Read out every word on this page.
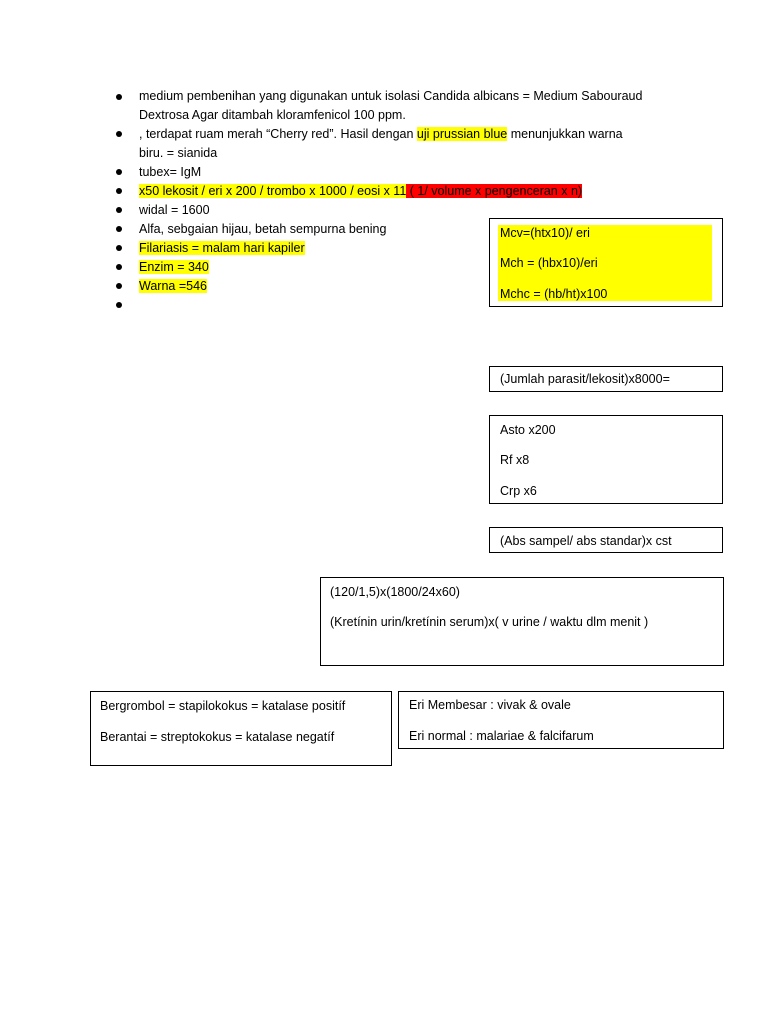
medium pembenihan yang digunakan untuk isolasi Candida albicans = Medium Sabouraud
Dextrosa Agar ditambah kloramfenicol 100 ppm.
, terdapat ruam merah “Cherry red”. Hasil dengan uji prussian blue menunjukkan warna
biru. = sianida
tubex= IgM
x50 lekosit / eri x 200 / trombo x 1000 / eosi x 11 ( 1/ volume x pengenceran x n)
widal = 1600
Alfa, sebgaian hijau, betah sempurna bening
Filariasis = malam hari kapiler
Enzim = 340
Warna =546
Mcv=(htx10)/ eri
Mch = (hbx10)/eri
Mchc = (hb/ht)x100
(Jumlah parasit/lekosit)x8000=
Asto x200
Rf x8
Crp x6
(Abs sampel/ abs standar)x cst
(120/1,5)x(1800/24x60)
(Kretínin urin/kretínin serum)x( v urine / waktu dlm menit )
Bergrombol = stapilokokus = katalase positíf
Berantai = streptokokus = katalase negatíf
Eri Membesar : vivak & ovale
Eri normal : malariae & falcifarum
